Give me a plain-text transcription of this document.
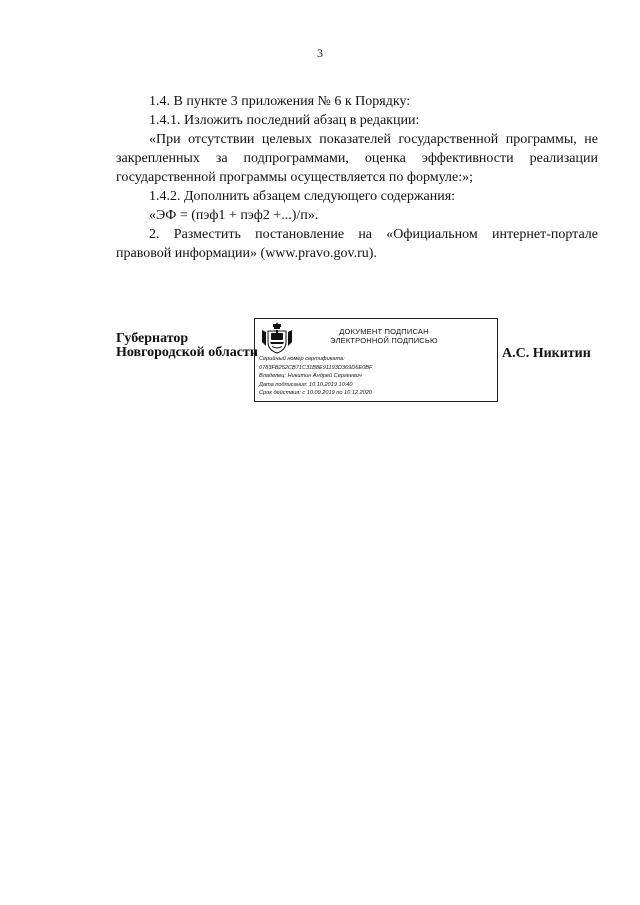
3

1.4. В пункте 3 приложения № 6 к Порядку:

1.4.1. Изложить последний абзац в редакции:

«При отсутствии целевых показателей государственной программы, не закрепленных за подпрограммами, оценка эффективности реализации государственной программы осуществляется по формуле:»;

1.4.2. Дополнить абзацем следующего содержания:

«ЭФ = (пэф1 + пэф2 +...)/п».

2. Разместить постановление на «Официальном интернет-портале правовой информации» (www.pravo.gov.ru).

Губернатор
Новгородской области
ДОКУМЕНТ ПОДПИСАН
ЭЛЕКТРОННОЙ ПОДПИСЬЮ
Серийный номер сертификата:
0783FB252CB71C31B8E91193D369D6E0BF
Владелец: Никитин Андрей Сергеевич
Дата подписания: 10.10.2019 10:40
Срок действия: с 10.09.2019 по 10.12.2020
А.С. Никитин
